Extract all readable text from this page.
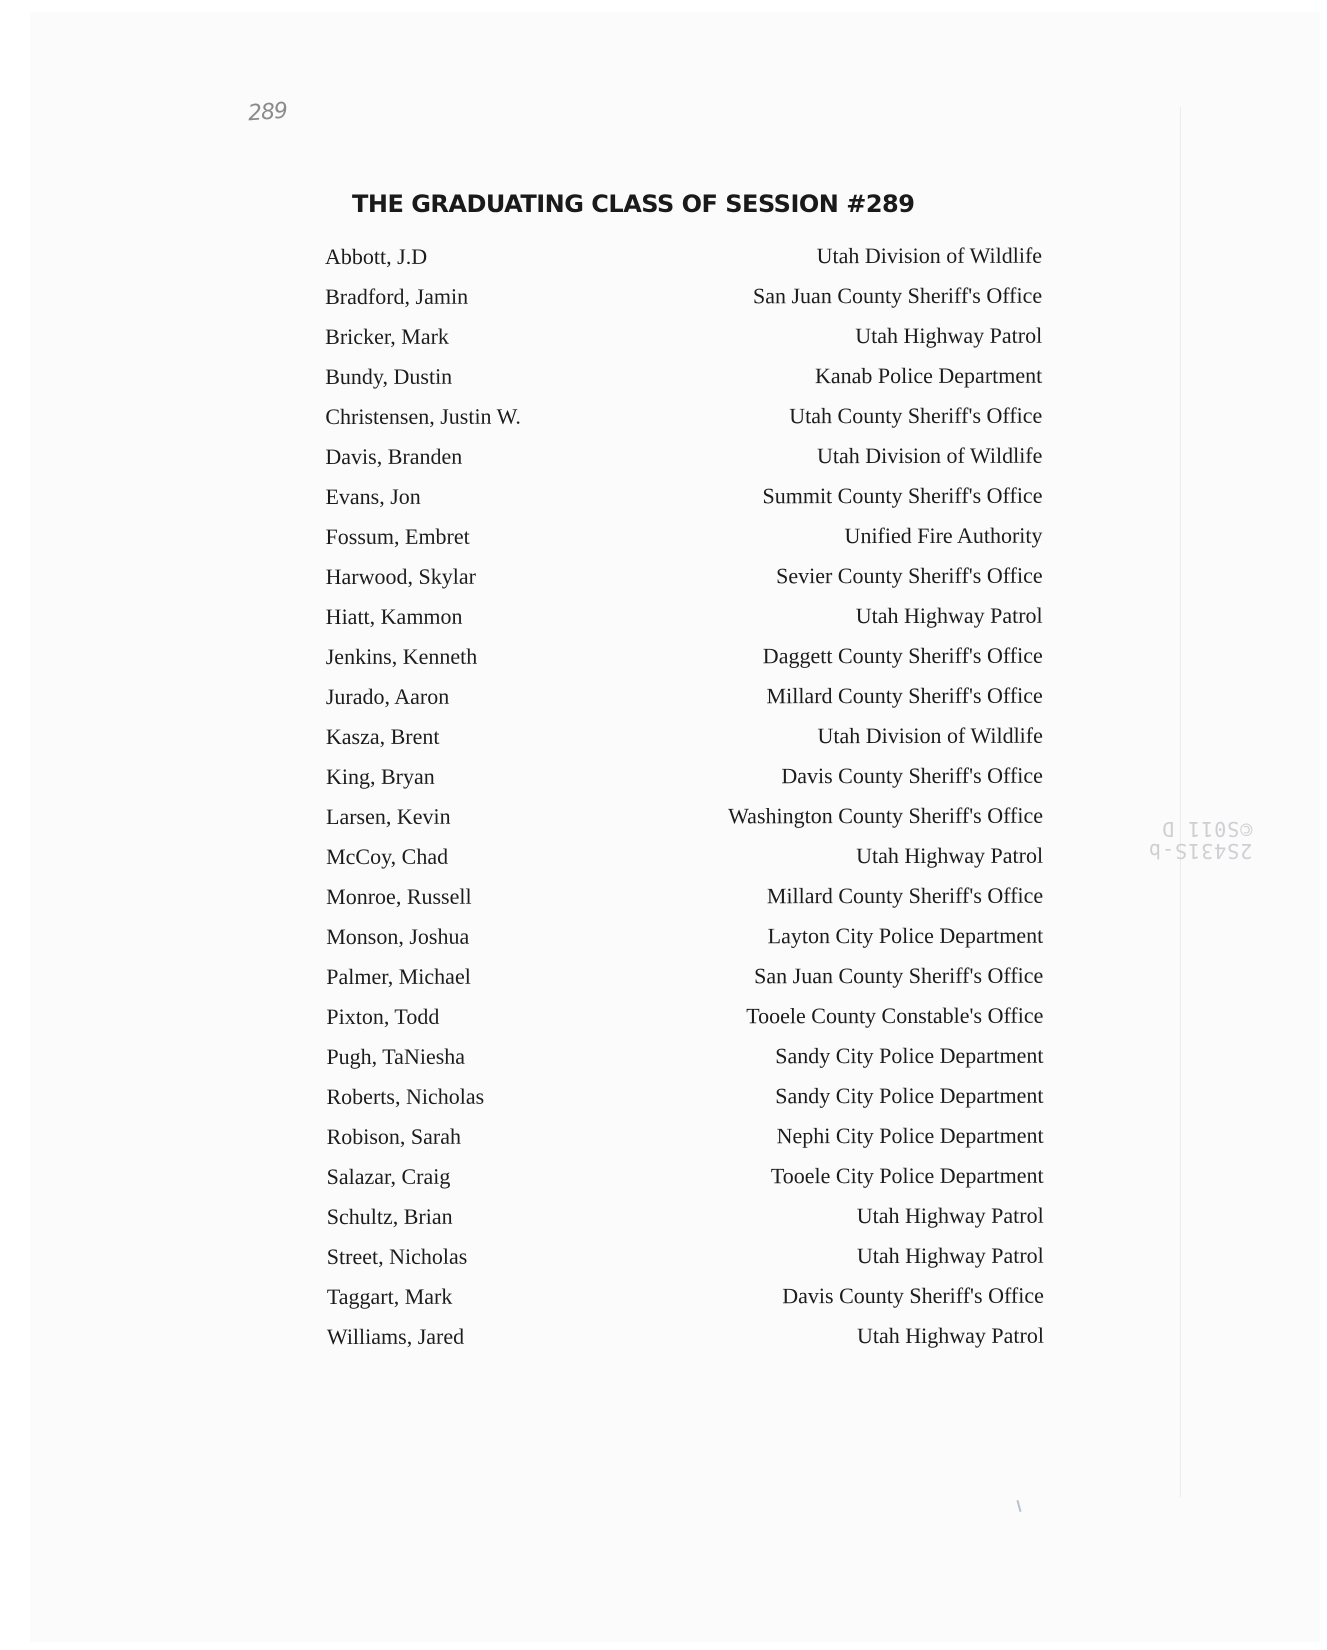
289
THE GRADUATING CLASS OF SESSION #289
Abbott, J.D	Utah Division of Wildlife
Bradford, Jamin	San Juan County Sheriff's Office
Bricker, Mark	Utah Highway Patrol
Bundy, Dustin	Kanab Police Department
Christensen, Justin W.	Utah County Sheriff's Office
Davis, Branden	Utah Division of Wildlife
Evans, Jon	Summit County Sheriff's Office
Fossum, Embret	Unified Fire Authority
Harwood, Skylar	Sevier County Sheriff's Office
Hiatt, Kammon	Utah Highway Patrol
Jenkins, Kenneth	Daggett County Sheriff's Office
Jurado, Aaron	Millard County Sheriff's Office
Kasza, Brent	Utah Division of Wildlife
King, Bryan	Davis County Sheriff's Office
Larsen, Kevin	Washington County Sheriff's Office
McCoy, Chad	Utah Highway Patrol
Monroe, Russell	Millard County Sheriff's Office
Monson, Joshua	Layton City Police Department
Palmer, Michael	San Juan County Sheriff's Office
Pixton, Todd	Tooele County Constable's Office
Pugh, TaNiesha	Sandy City Police Department
Roberts, Nicholas	Sandy City Police Department
Robison, Sarah	Nephi City Police Department
Salazar, Craig	Tooele City Police Department
Schultz, Brian	Utah Highway Patrol
Street, Nicholas	Utah Highway Patrol
Taggart, Mark	Davis County Sheriff's Office
Williams, Jared	Utah Highway Patrol
2S431S-b
©S011 D
